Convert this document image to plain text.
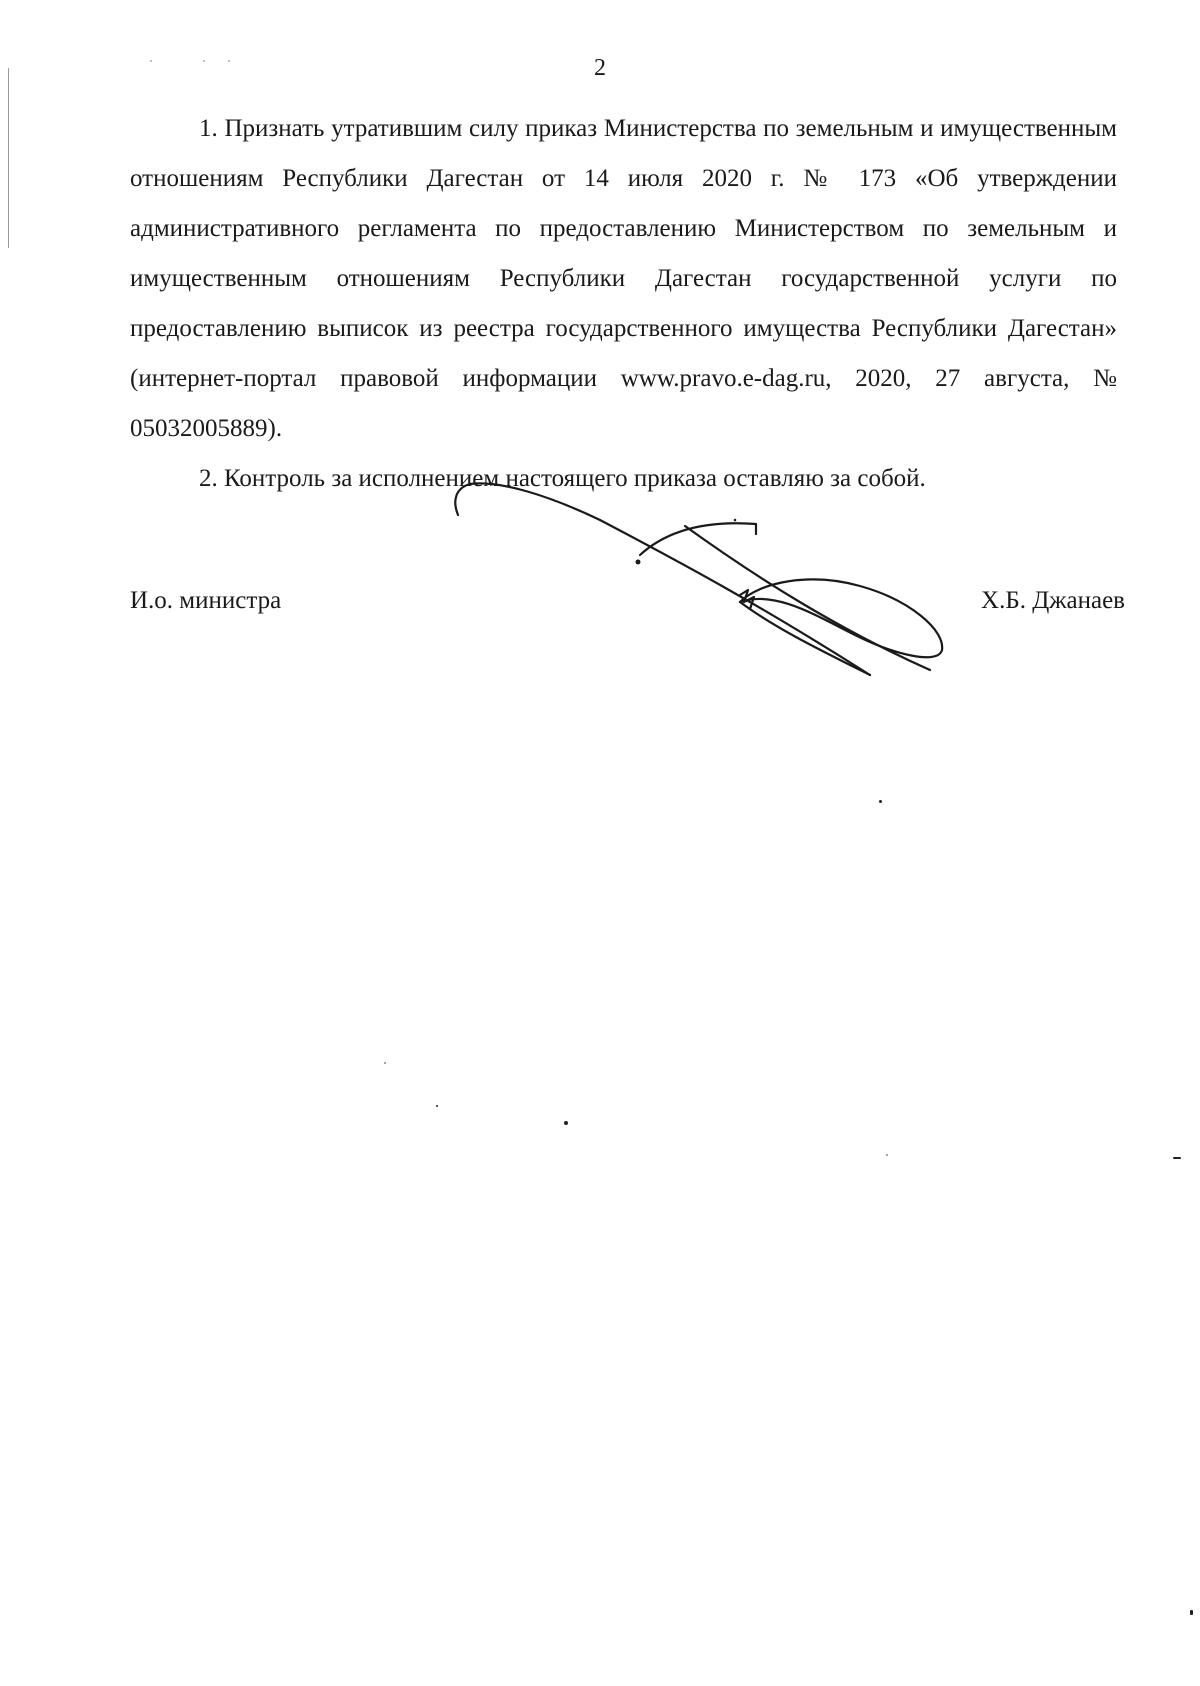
2

1. Признать утратившим силу приказ Министерства по земельным и имущественным отношениям Республики Дагестан от 14 июля 2020 г. № 173 «Об утверждении административного регламента по предоставлению Министерством по земельным и имущественным отношениям Республики Дагестан государственной услуги по предоставлению выписок из реестра государственного имущества Республики Дагестан» (интернет-портал правовой информации www.pravo.e-dag.ru, 2020, 27 августа, № 05032005889).

2. Контроль за исполнением настоящего приказа оставляю за собой.

И.о. министра	Х.Б. Джанаев
